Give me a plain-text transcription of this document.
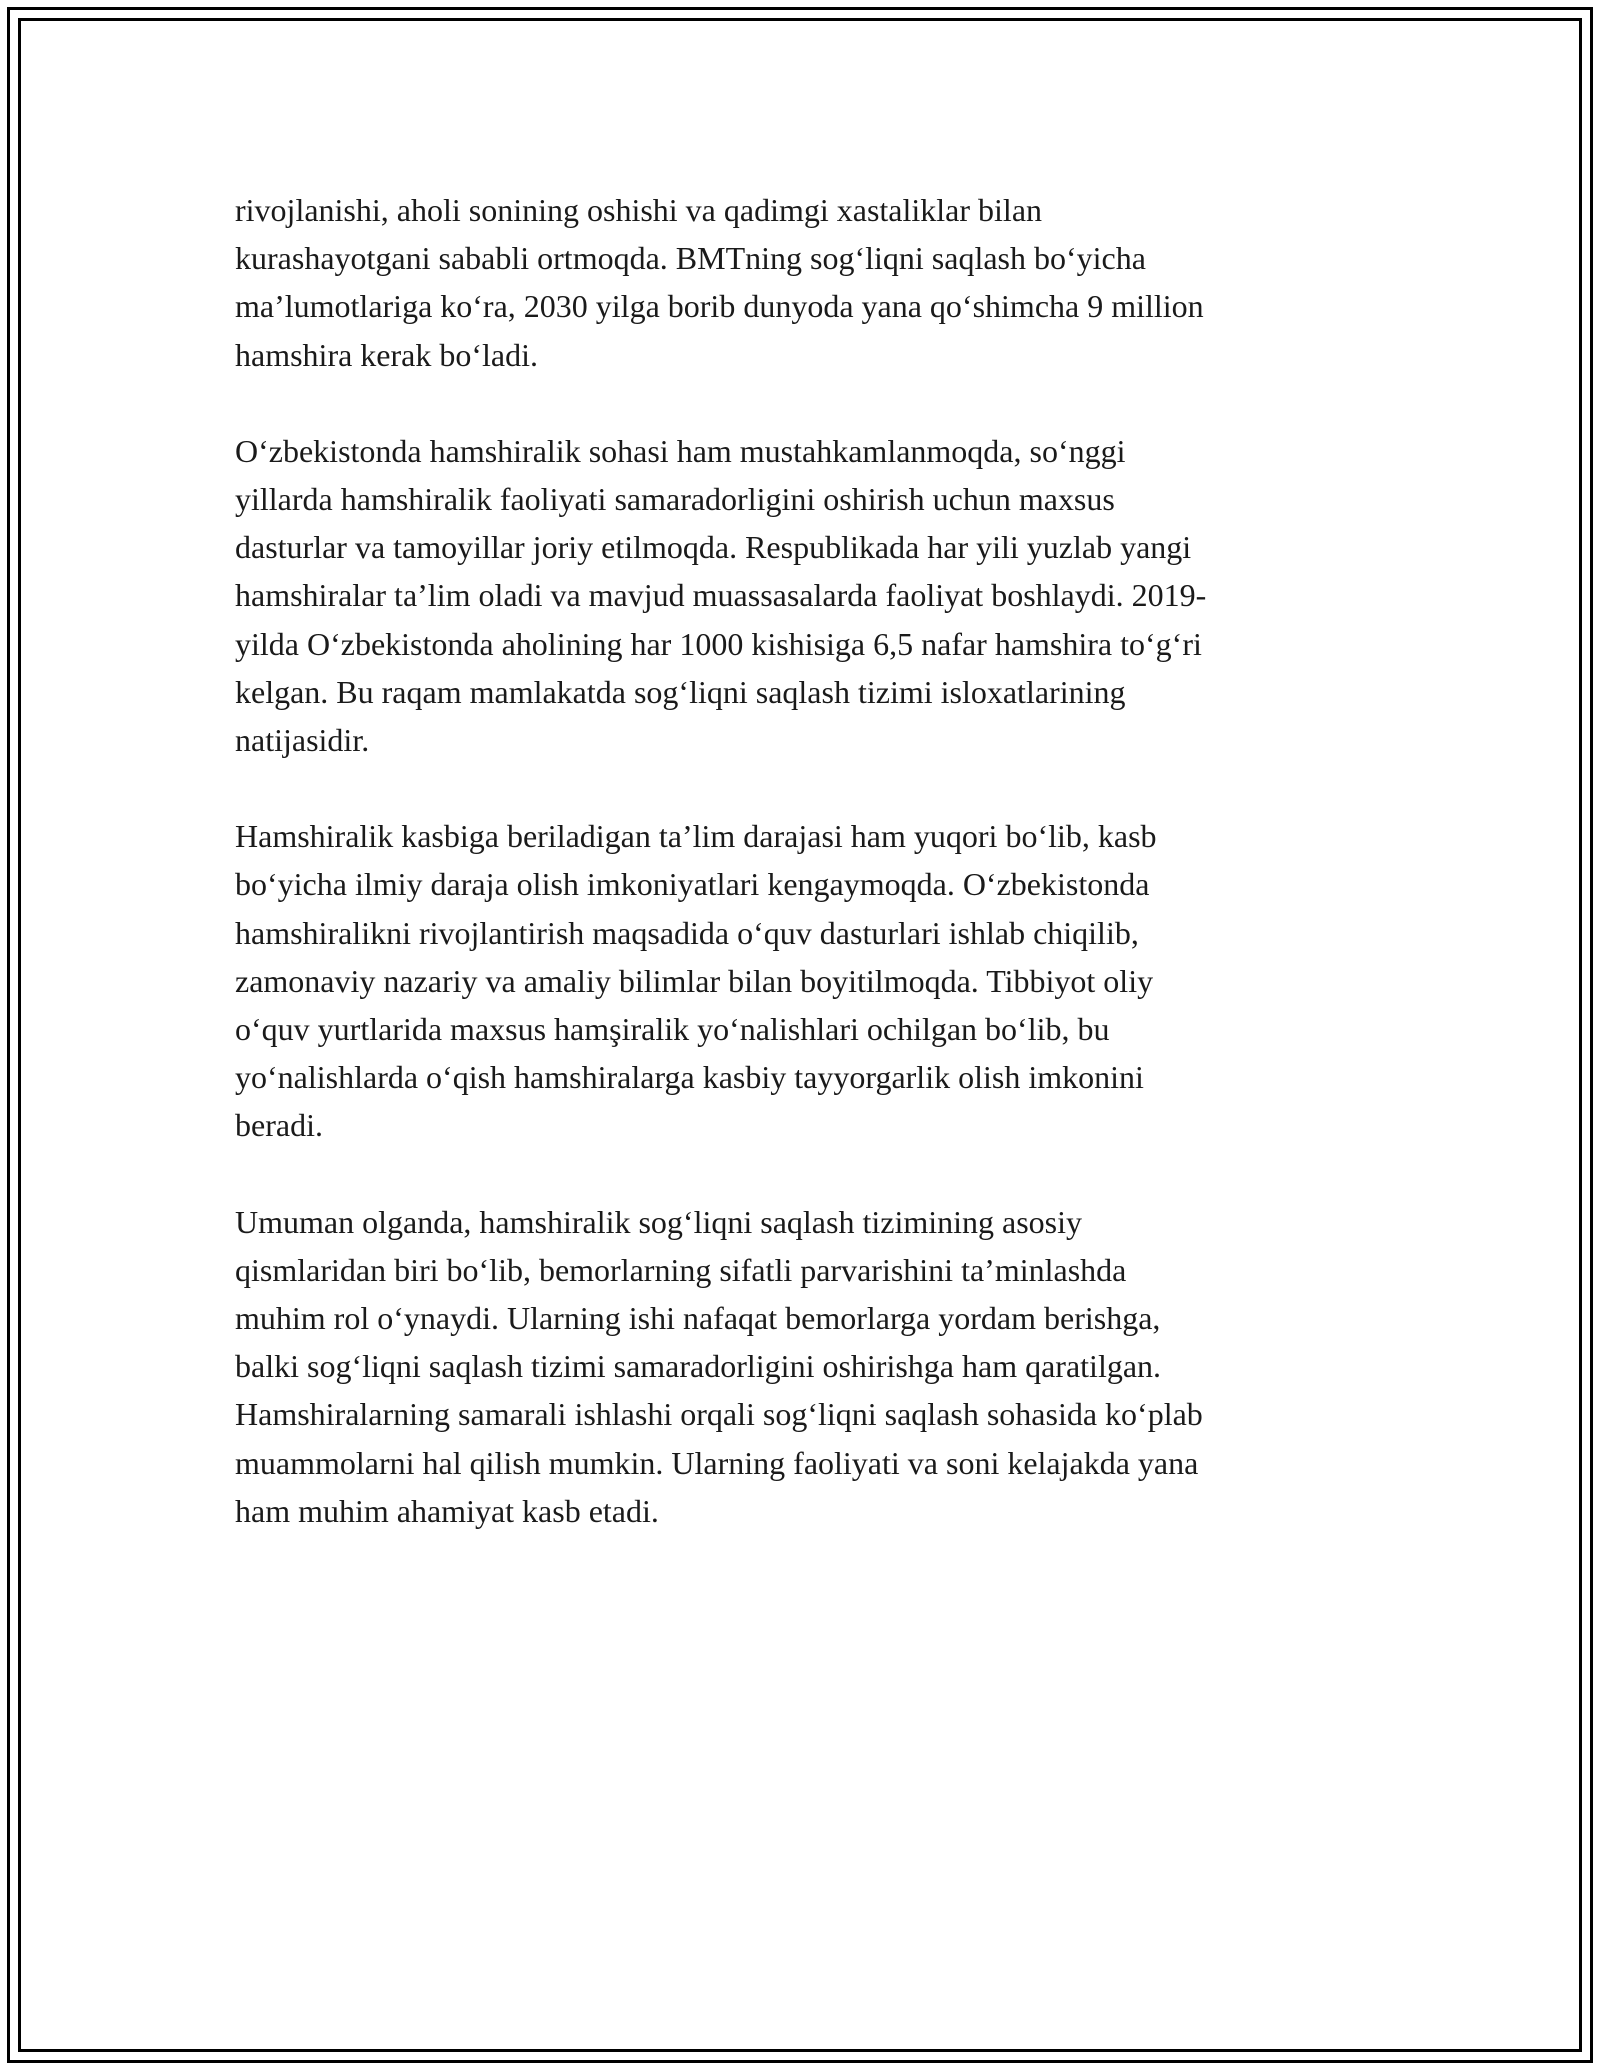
rivojlanishi, aholi sonining oshishi va qadimgi xastaliklar bilan
kurashayotgani sababli ortmoqda. BMTning sog‘liqni saqlash bo‘yicha
ma’lumotlariga ko‘ra, 2030 yilga borib dunyoda yana qo‘shimcha 9 million
hamshira kerak bo‘ladi.

O‘zbekistonda hamshiralik sohasi ham mustahkamlanmoqda, so‘nggi
yillarda hamshiralik faoliyati samaradorligini oshirish uchun maxsus
dasturlar va tamoyillar joriy etilmoqda. Respublikada har yili yuzlab yangi
hamshiralar ta’lim oladi va mavjud muassasalarda faoliyat boshlaydi. 2019-
yilda O‘zbekistonda aholining har 1000 kishisiga 6,5 nafar hamshira to‘g‘ri
kelgan. Bu raqam mamlakatda sog‘liqni saqlash tizimi isloxatlarining
natijasidir.

Hamshiralik kasbiga beriladigan ta’lim darajasi ham yuqori bo‘lib, kasb
bo‘yicha ilmiy daraja olish imkoniyatlari kengaymoqda. O‘zbekistonda
hamshiralikni rivojlantirish maqsadida o‘quv dasturlari ishlab chiqilib,
zamonaviy nazariy va amaliy bilimlar bilan boyitilmoqda. Tibbiyot oliy
o‘quv yurtlarida maxsus hamşiralik yo‘nalishlari ochilgan bo‘lib, bu
yo‘nalishlarda o‘qish hamshiralarga kasbiy tayyorgarlik olish imkonini
beradi.

Umuman olganda, hamshiralik sog‘liqni saqlash tizimining asosiy
qismlaridan biri bo‘lib, bemorlarning sifatli parvarishini ta’minlashda
muhim rol o‘ynaydi. Ularning ishi nafaqat bemorlarga yordam berishga,
balki sog‘liqni saqlash tizimi samaradorligini oshirishga ham qaratilgan.
Hamshiralarning samarali ishlashi orqali sog‘liqni saqlash sohasida ko‘plab
muammolarni hal qilish mumkin. Ularning faoliyati va soni kelajakda yana
ham muhim ahamiyat kasb etadi.
